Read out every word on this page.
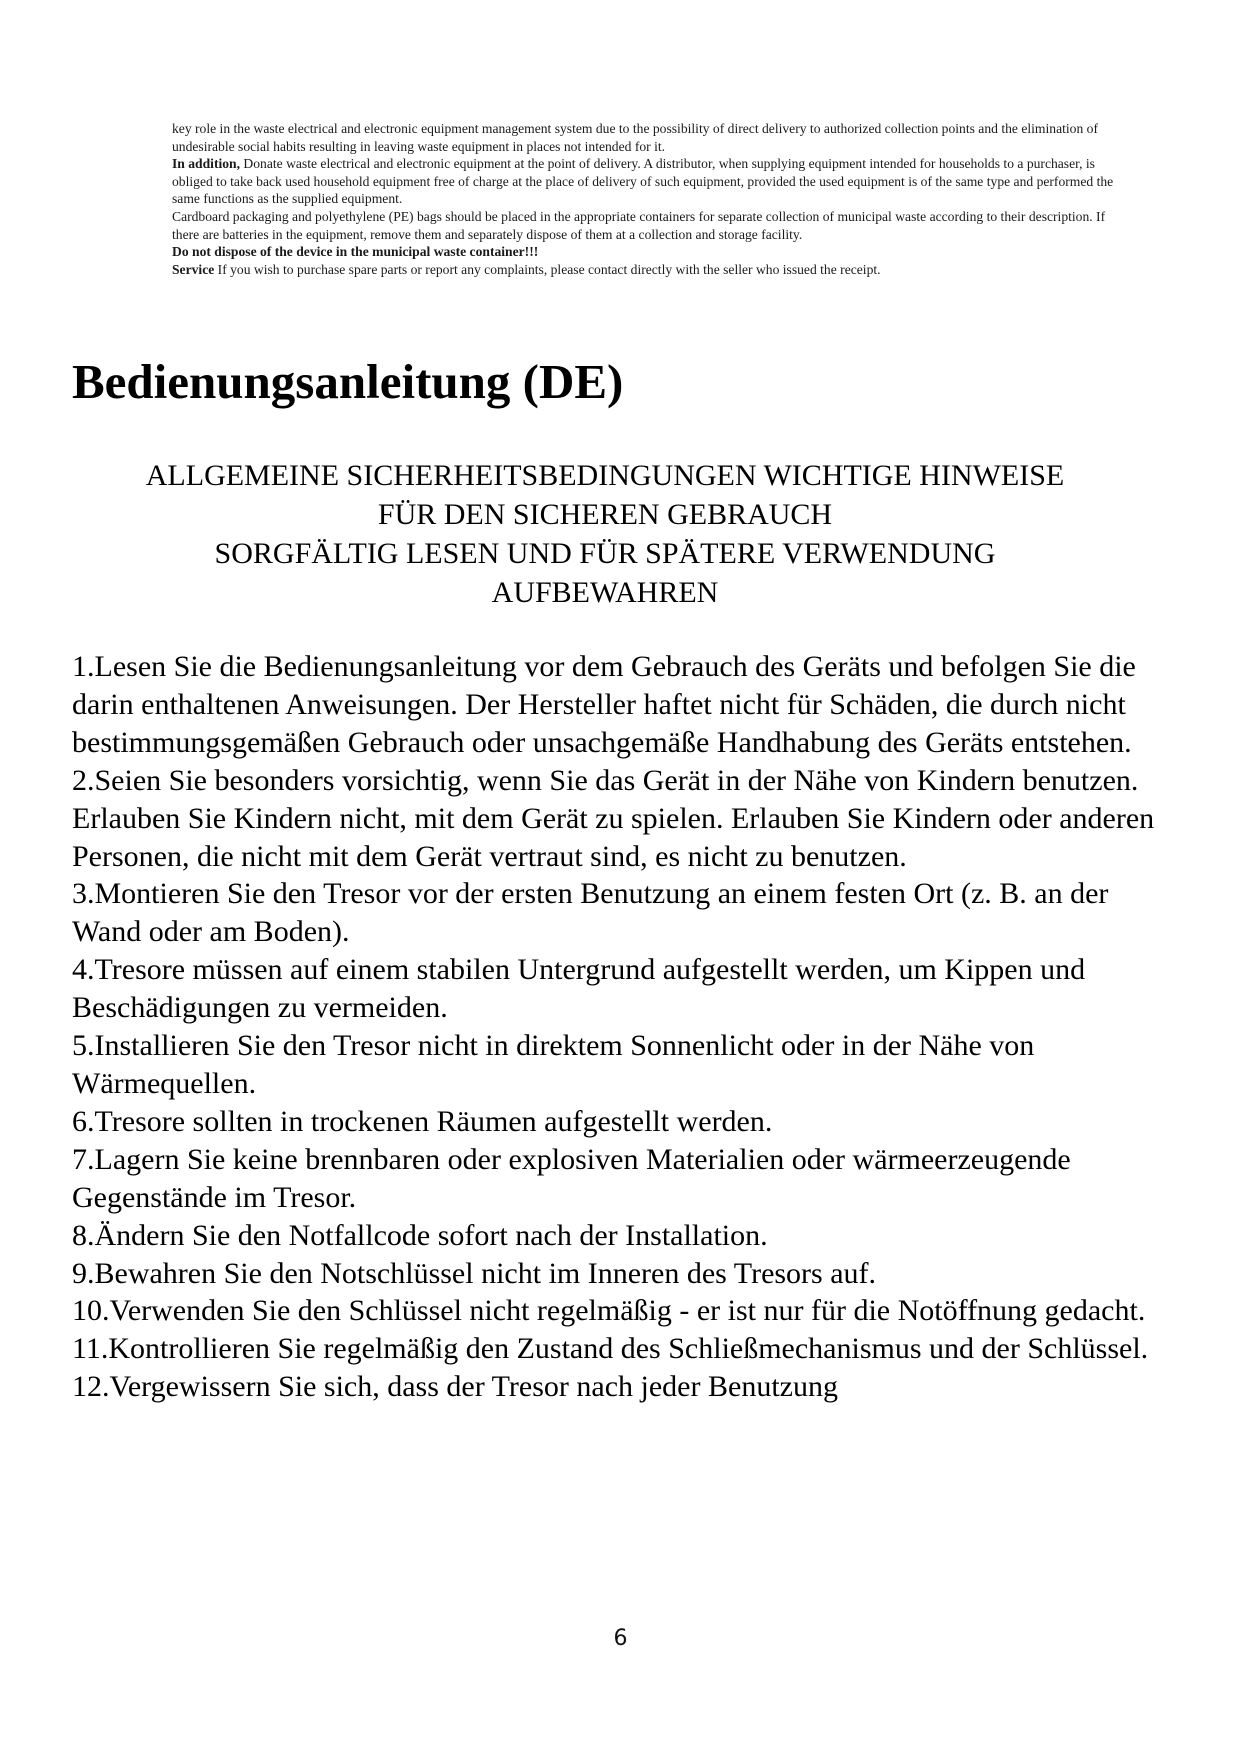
key role in the waste electrical and electronic equipment management system due to the possibility of direct delivery to authorized collection points and the elimination of undesirable social habits resulting in leaving waste equipment in places not intended for it.

In addition, Donate waste electrical and electronic equipment at the point of delivery. A distributor, when supplying equipment intended for households to a purchaser, is obliged to take back used household equipment free of charge at the place of delivery of such equipment, provided the used equipment is of the same type and performed the same functions as the supplied equipment.

Cardboard packaging and polyethylene (PE) bags should be placed in the appropriate containers for separate collection of municipal waste according to their description. If there are batteries in the equipment, remove them and separately dispose of them at a collection and storage facility.

Do not dispose of the device in the municipal waste container!!!

Service If you wish to purchase spare parts or report any complaints, please contact directly with the seller who issued the receipt.

Bedienungsanleitung (DE)
ALLGEMEINE SICHERHEITSBEDINGUNGEN WICHTIGE HINWEISE
FÜR DEN SICHEREN GEBRAUCH
SORGFÄLTIG LESEN UND FÜR SPÄTERE VERWENDUNG
AUFBEWAHREN
1.Lesen Sie die Bedienungsanleitung vor dem Gebrauch des Geräts und befolgen Sie die darin enthaltenen Anweisungen. Der Hersteller haftet nicht für Schäden, die durch nicht bestimmungsgemäßen Gebrauch oder unsachgemäße Handhabung des Geräts entstehen.
2.Seien Sie besonders vorsichtig, wenn Sie das Gerät in der Nähe von Kindern benutzen. Erlauben Sie Kindern nicht, mit dem Gerät zu spielen. Erlauben Sie Kindern oder anderen Personen, die nicht mit dem Gerät vertraut sind, es nicht zu benutzen.
3.Montieren Sie den Tresor vor der ersten Benutzung an einem festen Ort (z. B. an der Wand oder am Boden).
4.Tresore müssen auf einem stabilen Untergrund aufgestellt werden, um Kippen und Beschädigungen zu vermeiden.
5.Installieren Sie den Tresor nicht in direktem Sonnenlicht oder in der Nähe von Wärmequellen.
6.Tresore sollten in trockenen Räumen aufgestellt werden.
7.Lagern Sie keine brennbaren oder explosiven Materialien oder wärmeerzeugende Gegenstände im Tresor.
8.Ändern Sie den Notfallcode sofort nach der Installation.
9.Bewahren Sie den Notschlüssel nicht im Inneren des Tresors auf.
10.Verwenden Sie den Schlüssel nicht regelmäßig - er ist nur für die Notöffnung gedacht.
11.Kontrollieren Sie regelmäßig den Zustand des Schließmechanismus und der Schlüssel.
12.Vergewissern Sie sich, dass der Tresor nach jeder Benutzung
6
